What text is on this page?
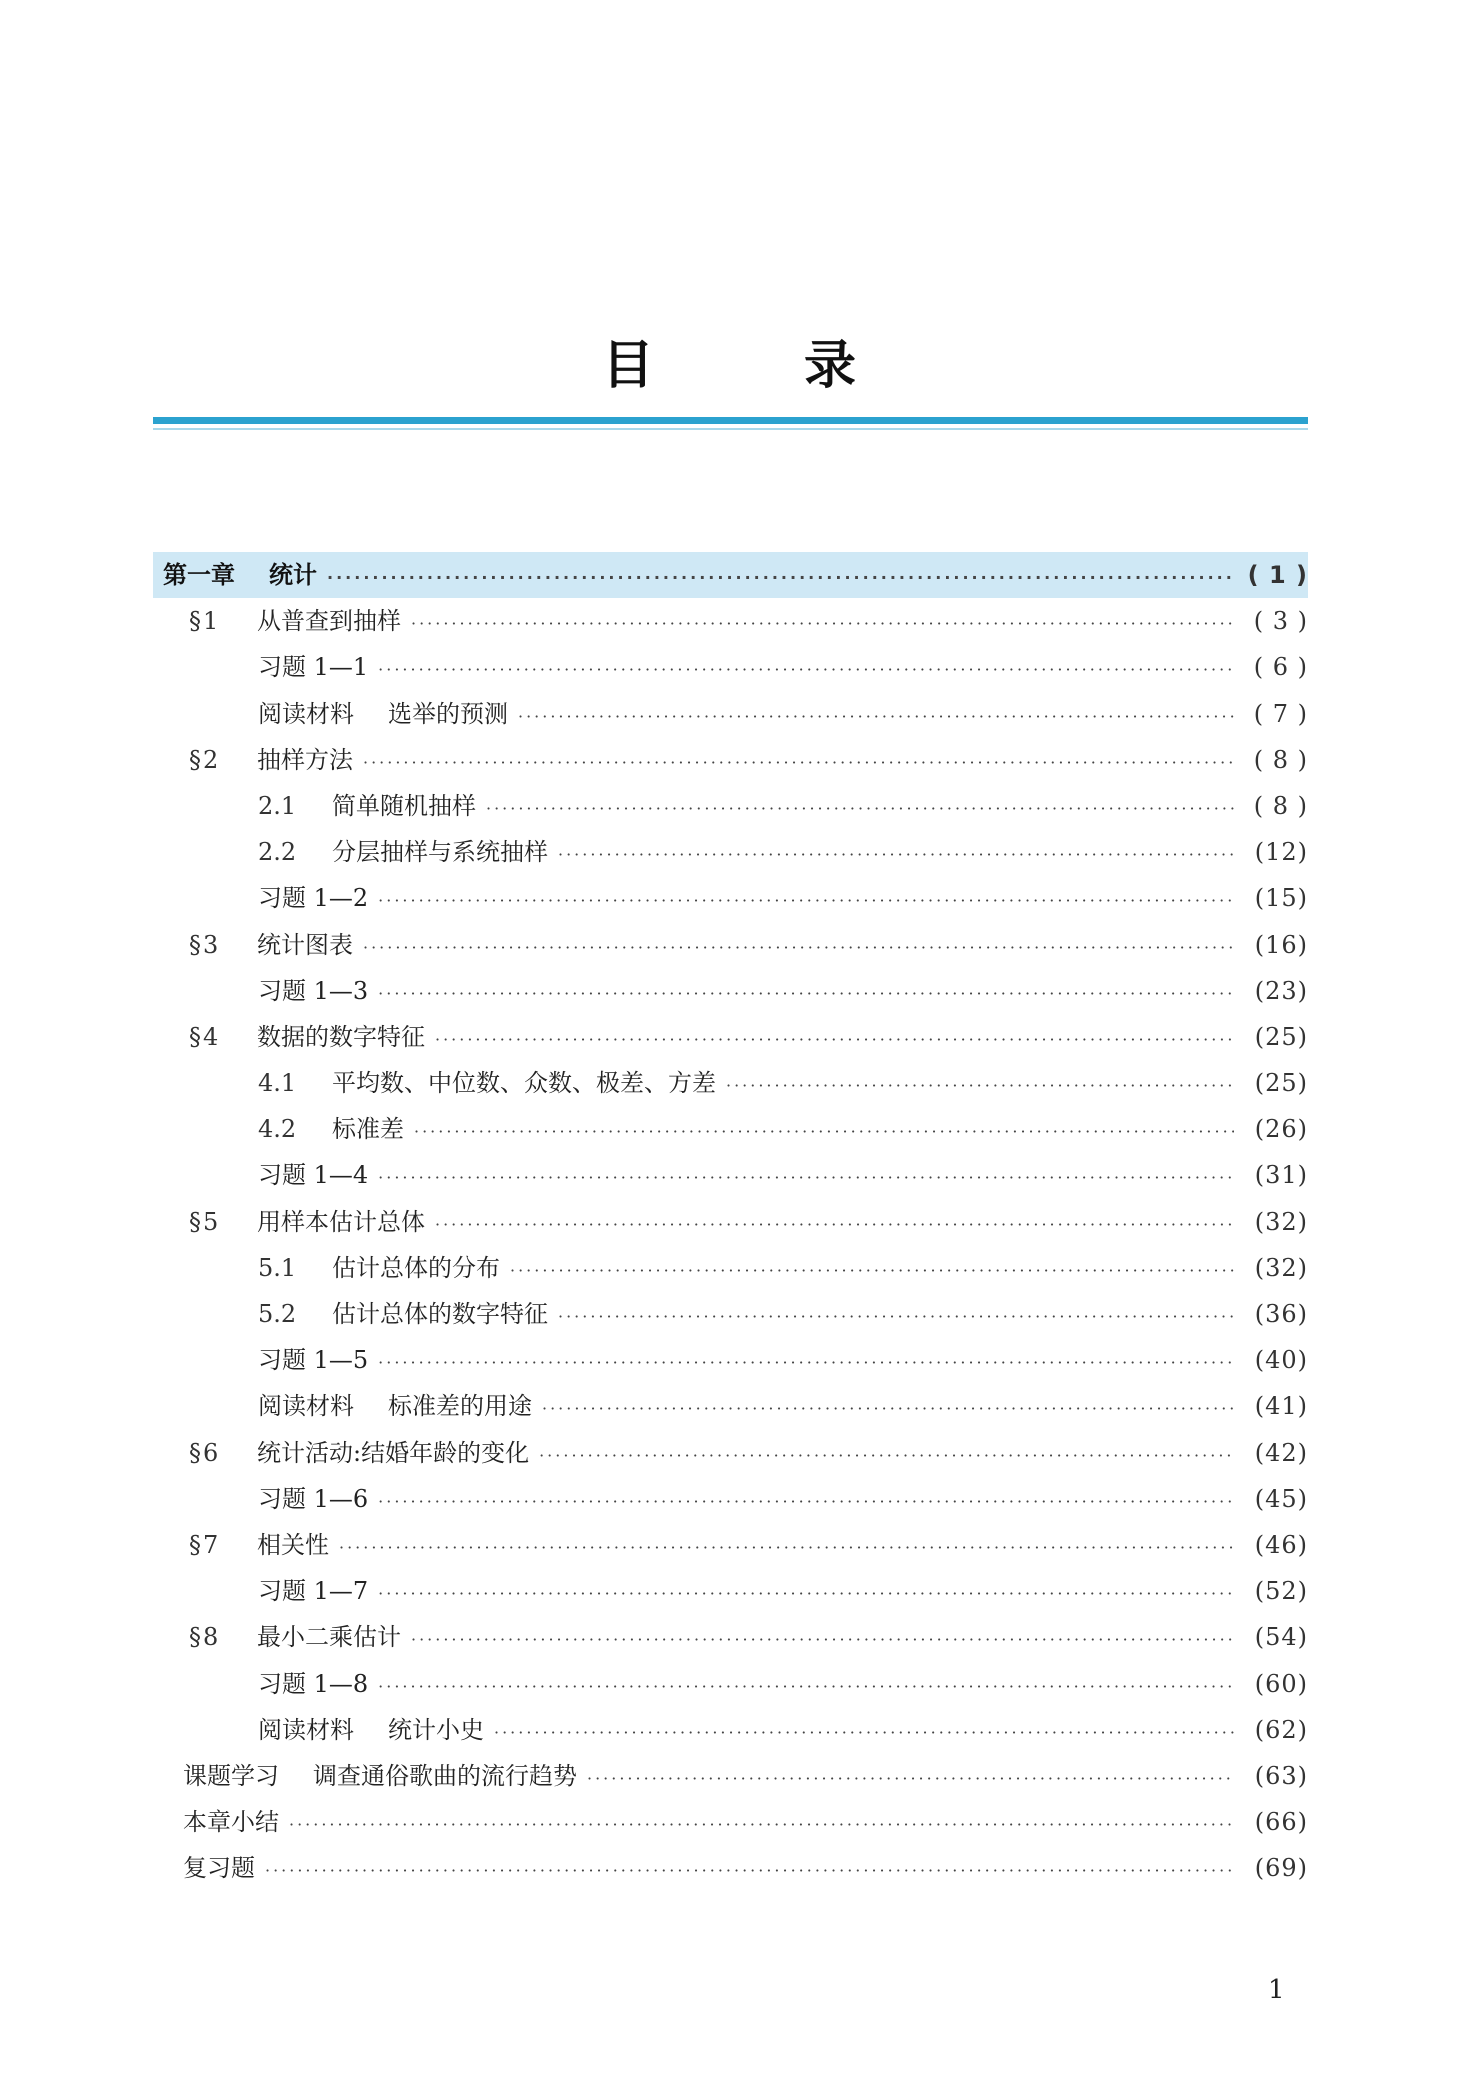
目	录
第一章 统计 ·····	( 1 )
§1	从普查到抽样 ·····	( 3 )
习题 1—1 ·····	( 6 )
阅读材料 选举的预测 ·····	( 7 )
§2	抽样方法 ·····	( 8 )
2.1	简单随机抽样 ·····	( 8 )
2.2	分层抽样与系统抽样 ·····	(12)
习题 1—2 ·····	(15)
§3	统计图表 ·····	(16)
习题 1—3 ·····	(23)
§4	数据的数字特征 ·····	(25)
4.1	平均数、中位数、众数、极差、方差 ·····	(25)
4.2	标准差 ·····	(26)
习题 1—4 ·····	(31)
§5	用样本估计总体 ·····	(32)
5.1	估计总体的分布 ·····	(32)
5.2	估计总体的数字特征 ·····	(36)
习题 1—5 ·····	(40)
阅读材料 标准差的用途 ·····	(41)
§6	统计活动:结婚年龄的变化 ·····	(42)
习题 1—6 ·····	(45)
§7	相关性 ·····	(46)
习题 1—7 ·····	(52)
§8	最小二乘估计 ·····	(54)
习题 1—8 ·····	(60)
阅读材料 统计小史 ·····	(62)
课题学习 调查通俗歌曲的流行趋势 ·····	(63)
本章小结 ·····	(66)
复习题 ·····	(69)
1
